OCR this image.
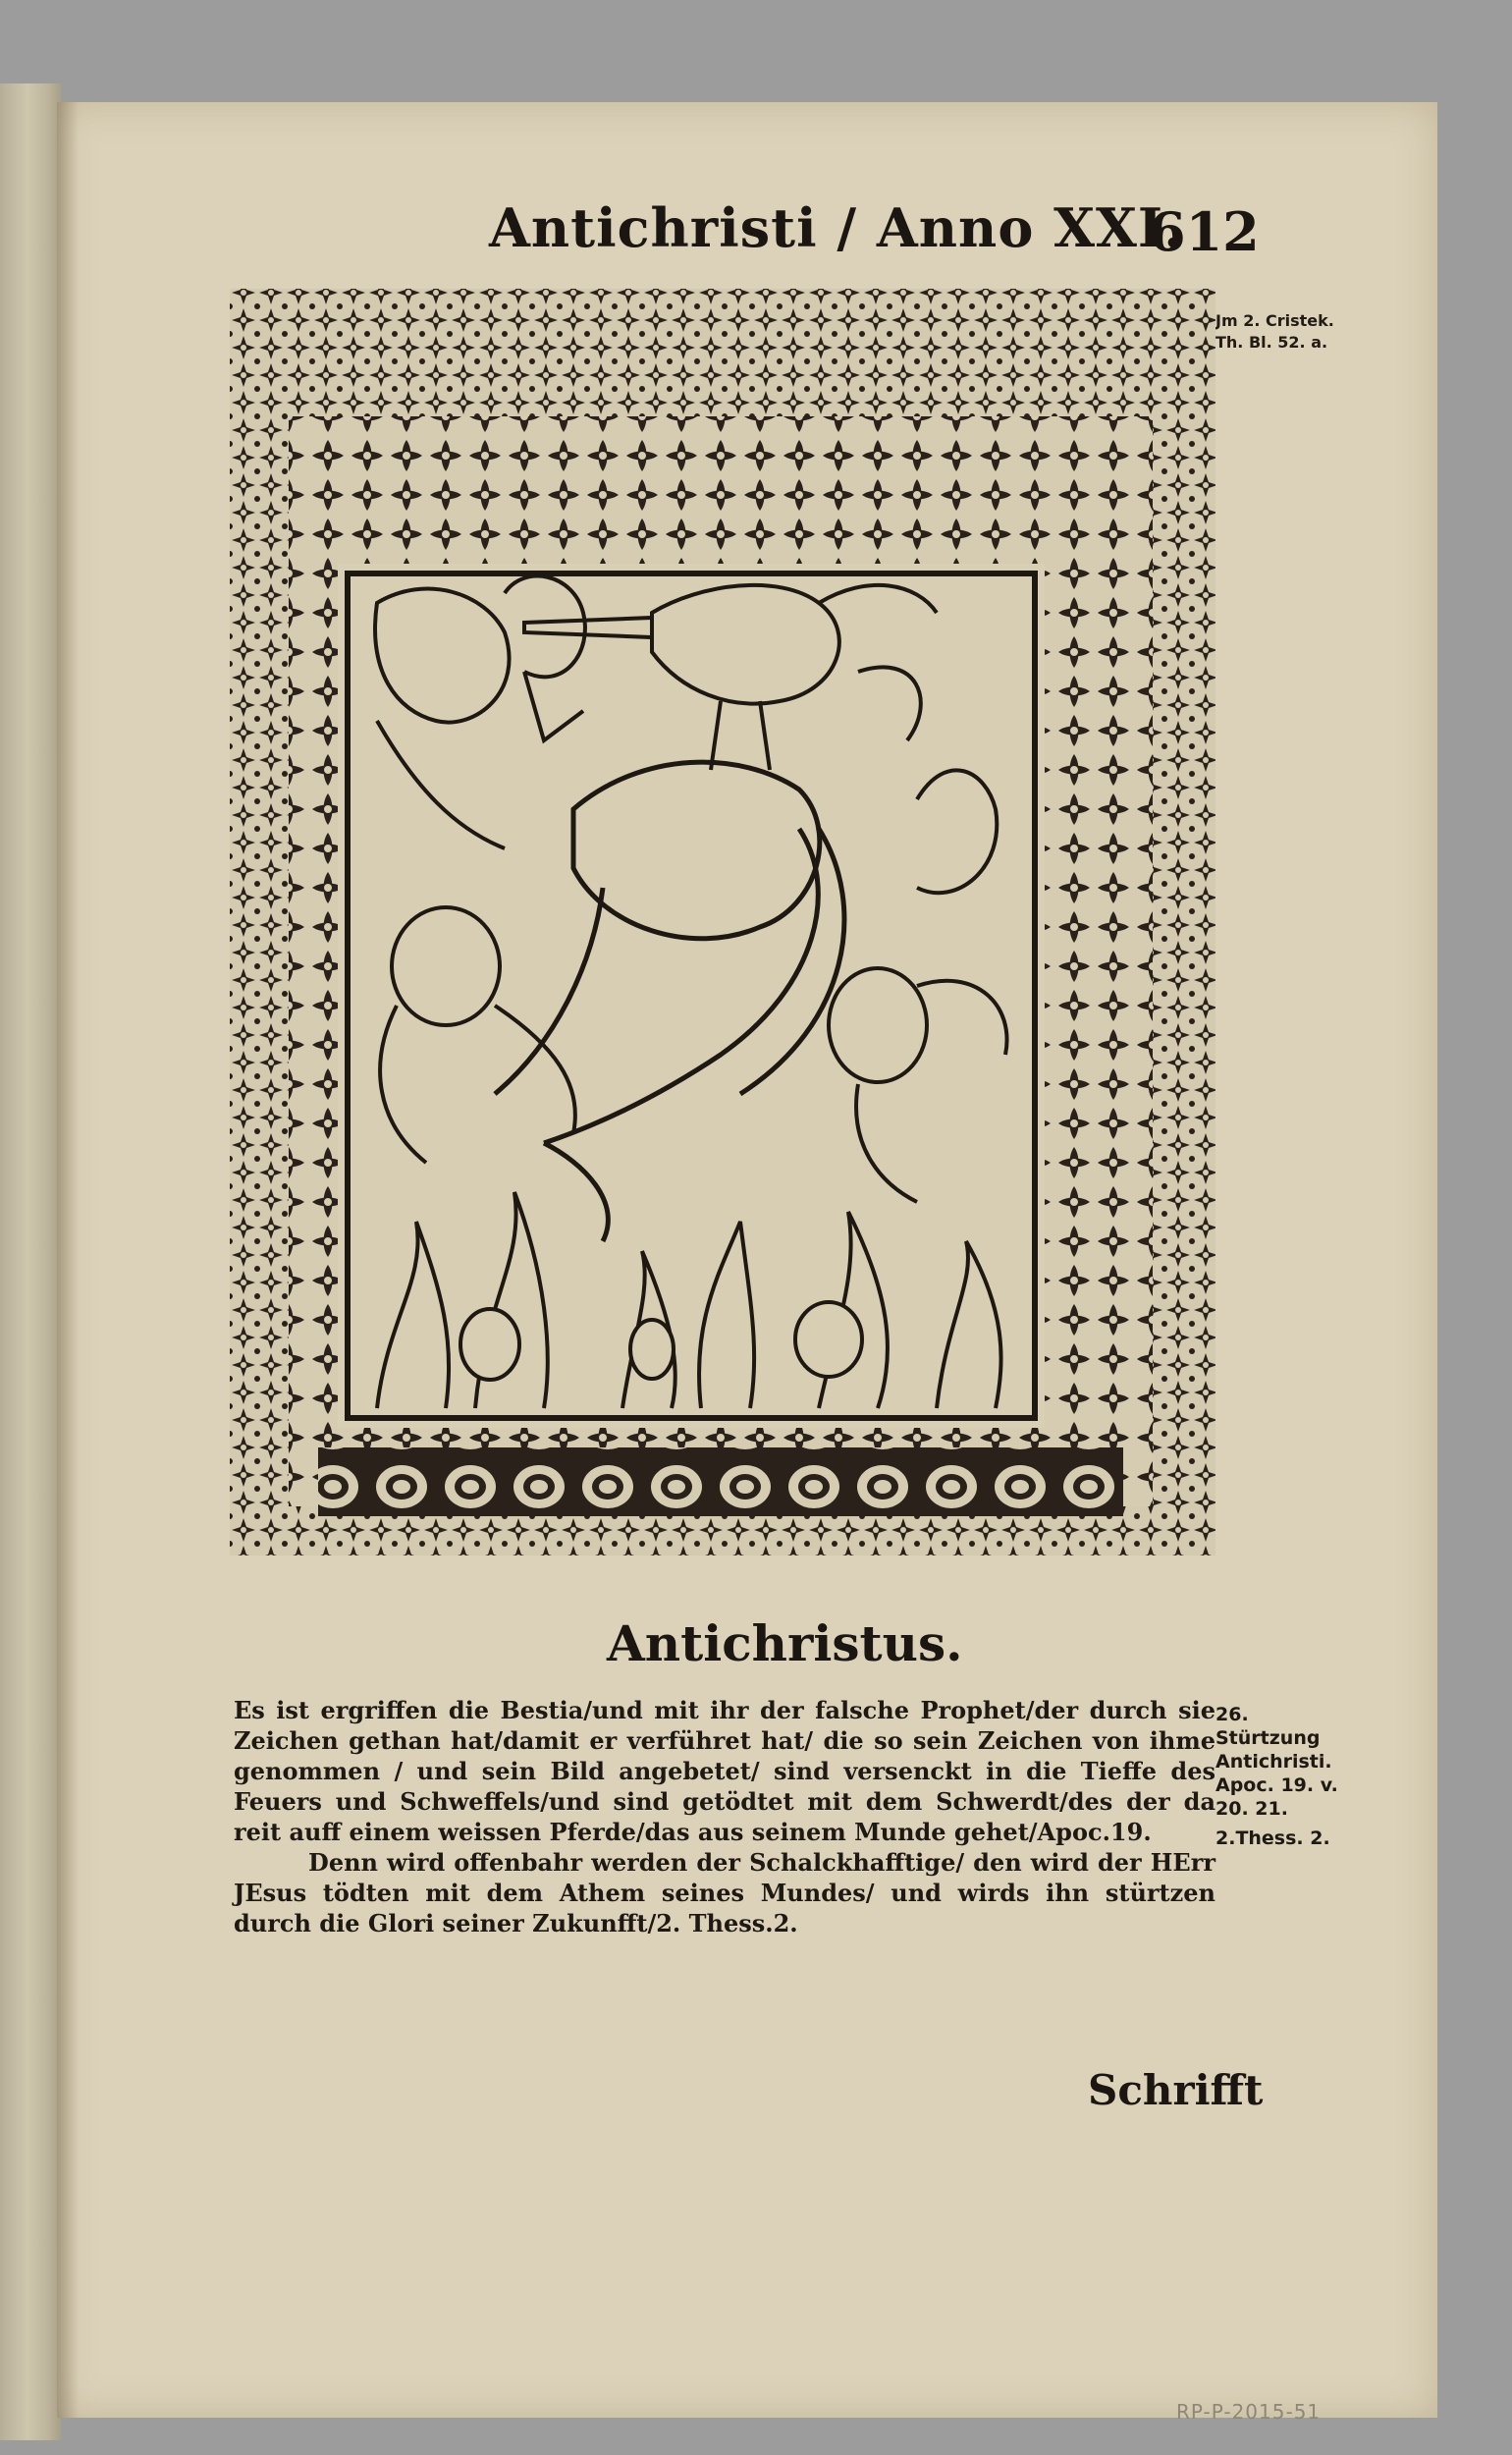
Antichristi / Anno XXI.
612
Jm 2. Cristek. Th. Bl. 52. a.
Antichristus.

Es ist ergriffen die Bestia/und mit ihr der falsche Prophet/der durch sie Zeichen gethan hat/damit er verführet hat/ die so sein Zeichen von ihme genommen / und sein Bild angebetet/ sind versenckt in die Tieffe des Feuers und Schweffels/und sind getödtet mit dem Schwerdt/des der da reit auff einem weissen Pferde/das aus seinem Munde gehet/Apoc.19.

Denn wird offenbahr werden der Schalckhafftige/ den wird der HErr JEsus tödten mit dem Athem seines Mundes/ und wirds ihn stürtzen durch die Glori seiner Zukunfft/2. Thess.2.

26.
Stürtzung
Antichristi.
Apoc. 19. v.
20. 21.
2.Thess. 2.
Schrifft
RP-P-2015-51
